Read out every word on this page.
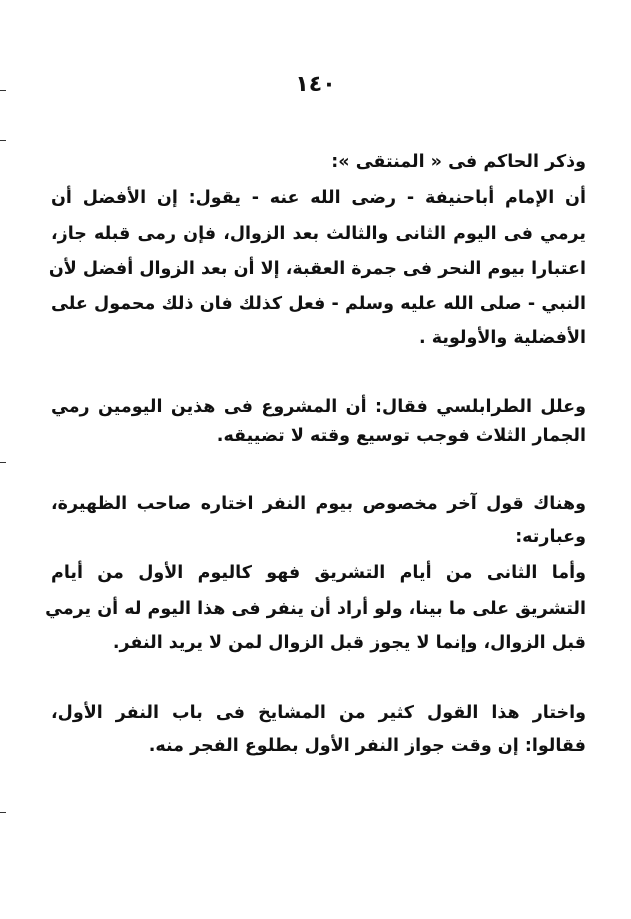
١٤٠
وذكر الحاكم فى « المنتقى »:
أن الإمام أباحنيفة - رضى الله عنه - يقول: إن الأفضل أن
يرمي فى اليوم الثانى والثالث بعد الزوال، فإن رمى قبله جاز،
اعتبارا بيوم النحر فى جمرة العقبة، إلا أن بعد الزوال أفضل لأن
النبي - صلى الله عليه وسلم - فعل كذلك فان ذلك محمول على
الأفضلية والأولوية .
وعلل الطرابلسي فقال: أن المشروع فى هذين اليومين رمي
الجمار الثلاث فوجب توسيع وقته لا تضييقه.
وهناك قول آخر مخصوص بيوم النفر اختاره صاحب الظهيرة،
وعبارته:
وأما الثانى من أيام التشريق فهو كاليوم الأول من أيام
التشريق على ما بينا، ولو أراد أن ينفر فى هذا اليوم له أن يرمي
قبل الزوال، وإنما لا يجوز قبل الزوال لمن لا يريد النفر.
واختار هذا القول كثير من المشايخ فى باب النفر الأول،
فقالوا: إن وقت جواز النفر الأول بطلوع الفجر منه.
